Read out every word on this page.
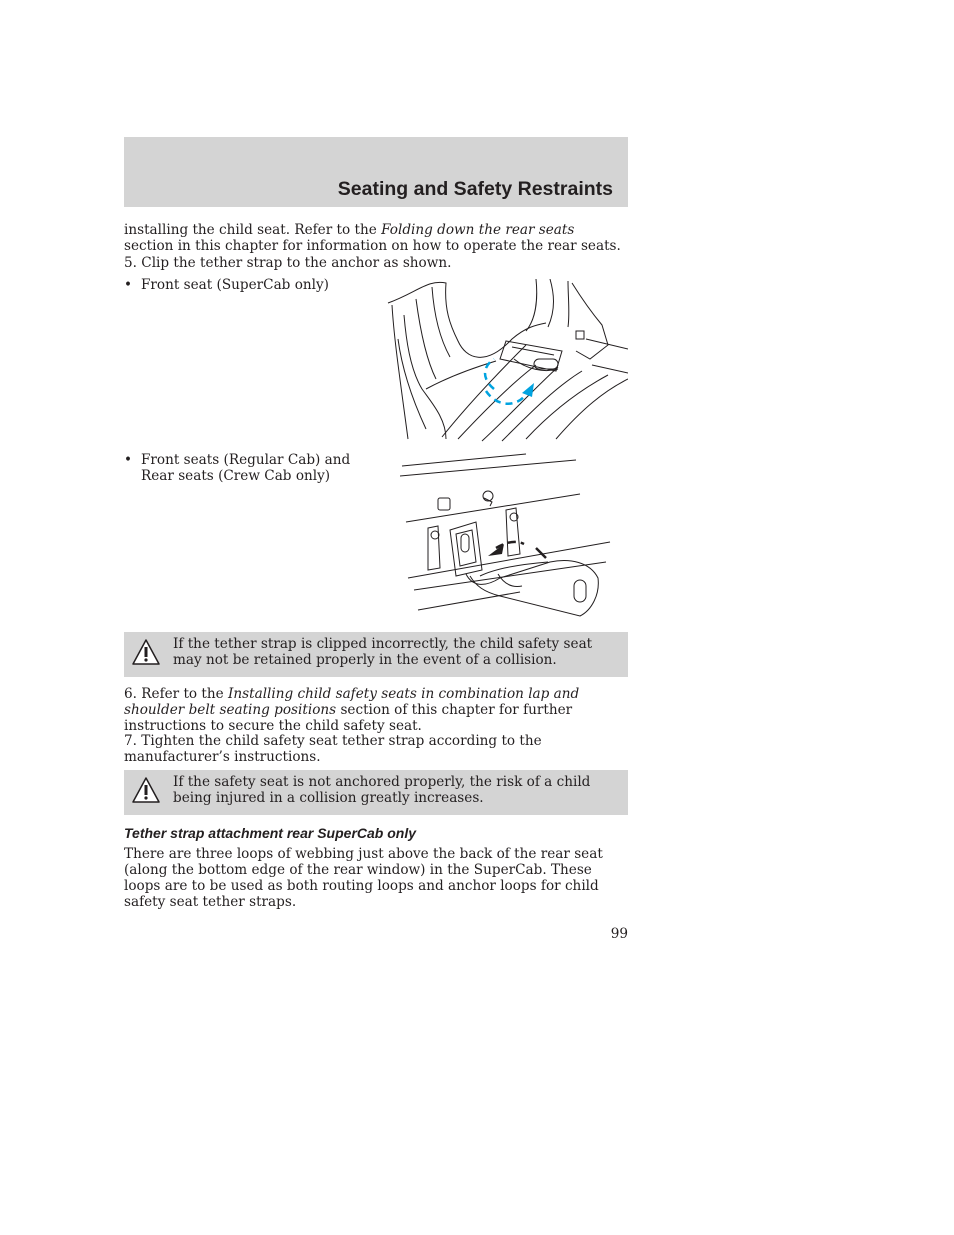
Seating and Safety Restraints

installing the child seat. Refer to the Folding down the rear seats section in this chapter for information on how to operate the rear seats.

5. Clip the tether strap to the anchor as shown.

• Front seat (SuperCab only)
• Front seats (Regular Cab) and
Rear seats (Crew Cab only)

If the tether strap is clipped incorrectly, the child safety seat may not be retained properly in the event of a collision.

6. Refer to the Installing child safety seats in combination lap and shoulder belt seating positions section of this chapter for further instructions to secure the child safety seat.

7. Tighten the child safety seat tether strap according to the manufacturer’s instructions.

If the safety seat is not anchored properly, the risk of a child being injured in a collision greatly increases.

Tether strap attachment rear SuperCab only

There are three loops of webbing just above the back of the rear seat (along the bottom edge of the rear window) in the SuperCab. These loops are to be used as both routing loops and anchor loops for child safety seat tether straps.

99
